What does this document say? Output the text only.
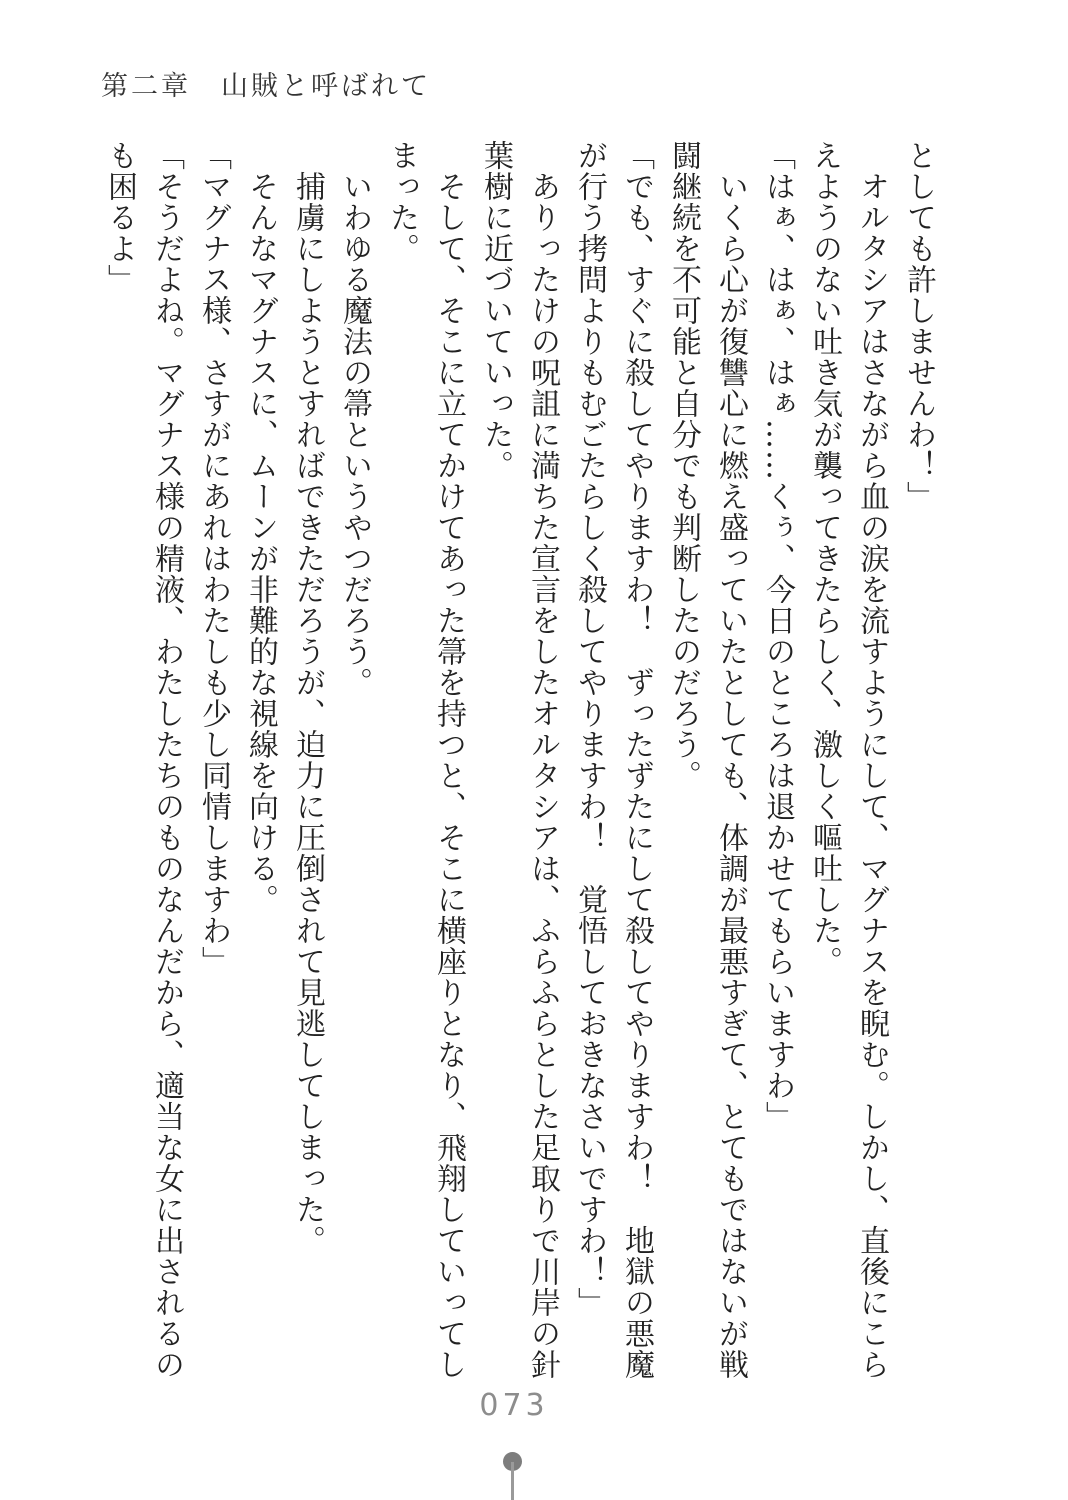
第二章　山賊と呼ばれて

としても許しませんわ！」

オルタシアはさながら血の涙を流すようにして、マグナスを睨む。しかし、直後にこらえようのない吐き気が襲ってきたらしく、激しく嘔吐した。

「はぁ、はぁ、はぁ……くぅ、今日のところは退かせてもらいますわ」

いくら心が復讐心に燃え盛っていたとしても、体調が最悪すぎて、とてもではないが戦闘継続を不可能と自分でも判断したのだろう。

「でも、すぐに殺してやりますわ！　ずったずたにして殺してやりますわ！　地獄の悪魔が行う拷問よりもむごたらしく殺してやりますわ！　覚悟しておきなさいですわ！」

ありったけの呪詛に満ちた宣言をしたオルタシアは、ふらふらとした足取りで川岸の針葉樹に近づいていった。

そして、そこに立てかけてあった箒を持つと、そこに横座りとなり、飛翔していってしまった。

いわゆる魔法の箒というやつだろう。

捕虜にしようとすればできただろうが、迫力に圧倒されて見逃してしまった。

そんなマグナスに、ムーンが非難的な視線を向ける。

「マグナス様、さすがにあれはわたしも少し同情しますわ」

「そうだよね。マグナス様の精液、わたしたちのものなんだから、適当な女に出されるのも困るよ」

073
